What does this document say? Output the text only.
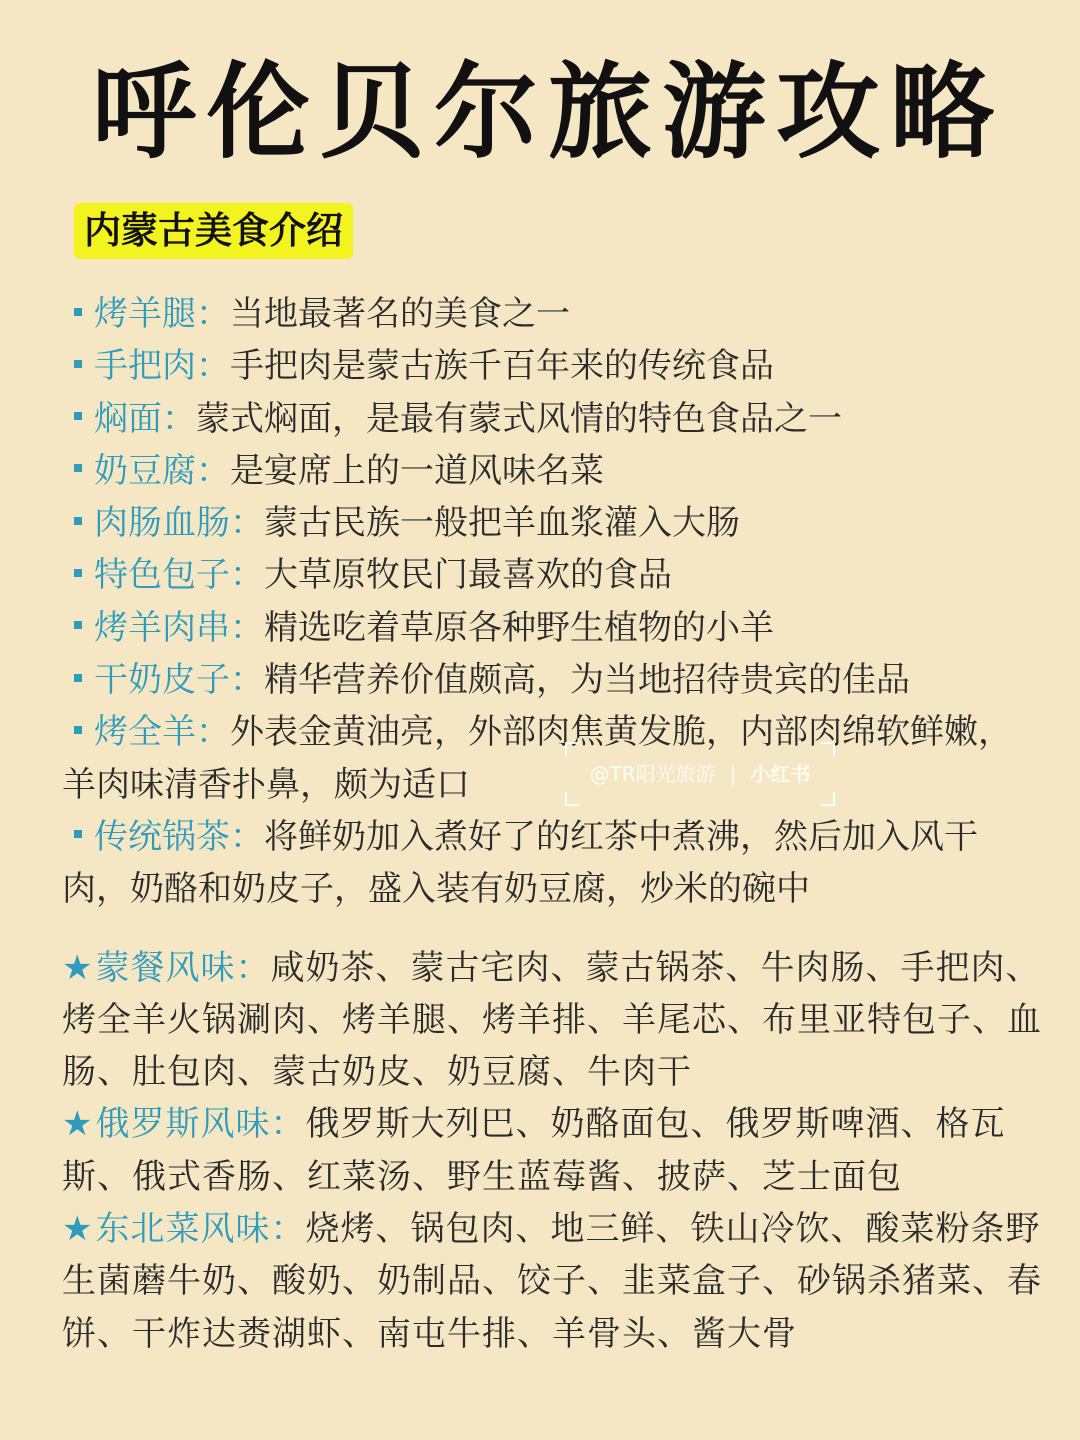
呼伦贝尔旅游攻略
内蒙古美食介绍
烤羊腿：当地最著名的美食之一
手把肉：手把肉是蒙古族千百年来的传统食品
焖面：蒙式焖面，是最有蒙式风情的特色食品之一
奶豆腐：是宴席上的一道风味名菜
肉肠血肠：蒙古民族一般把羊血浆灌入大肠
特色包子：大草原牧民门最喜欢的食品
烤羊肉串：精选吃着草原各种野生植物的小羊
干奶皮子：精华营养价值颇高，为当地招待贵宾的佳品
烤全羊：外表金黄油亮，外部肉焦黄发脆，内部肉绵软鲜嫩，羊肉味清香扑鼻，颇为适口
传统锅茶：将鲜奶加入煮好了的红茶中煮沸，然后加入风干肉，奶酪和奶皮子，盛入装有奶豆腐，炒米的碗中
★蒙餐风味：咸奶茶、蒙古宅肉、蒙古锅茶、牛肉肠、手把肉、烤全羊火锅涮肉、烤羊腿、烤羊排、羊尾芯、布里亚特包子、血肠、肚包肉、蒙古奶皮、奶豆腐、牛肉干
★俄罗斯风味：俄罗斯大列巴、奶酪面包、俄罗斯啤酒、格瓦斯、俄式香肠、红菜汤、野生蓝莓酱、披萨、芝士面包
★东北菜风味：烧烤、锅包肉、地三鲜、铁山冷饮、酸菜粉条野生菌蘑牛奶、酸奶、奶制品、饺子、韭菜盒子、砂锅杀猪菜、春饼、干炸达赉湖虾、南屯牛排、羊骨头、酱大骨
@TR阳光旅游 | 小红书
